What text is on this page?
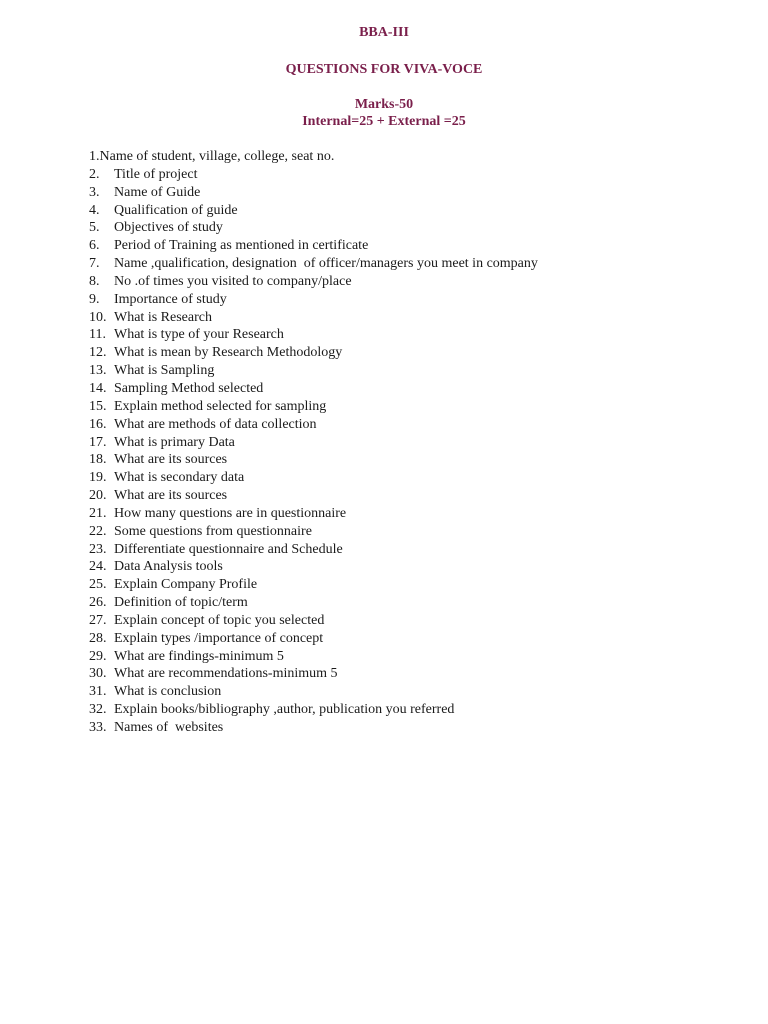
BBA-III
QUESTIONS FOR VIVA-VOCE
Marks-50
Internal=25 + External =25
1. Name of student, village, college, seat no.
2.	Title of project
3.	Name of Guide
4.	Qualification of guide
5.	Objectives of study
6.	Period of Training as mentioned in certificate
7.	Name ,qualification, designation  of officer/managers you meet in company
8.	No .of times you visited to company/place
9.	Importance of study
10. What is Research
11. What is type of your Research
12. What is mean by Research Methodology
13. What is Sampling
14. Sampling Method selected
15. Explain method selected for sampling
16. What are methods of data collection
17. What is primary Data
18. What are its sources
19. What is secondary data
20. What are its sources
21. How many questions are in questionnaire
22. Some questions from questionnaire
23. Differentiate questionnaire and Schedule
24. Data Analysis tools
25. Explain Company Profile
26. Definition of topic/term
27. Explain concept of topic you selected
28. Explain types /importance of concept
29. What are findings-minimum 5
30. What are recommendations-minimum 5
31. What is conclusion
32. Explain books/bibliography ,author, publication you referred
33. Names of  websites
